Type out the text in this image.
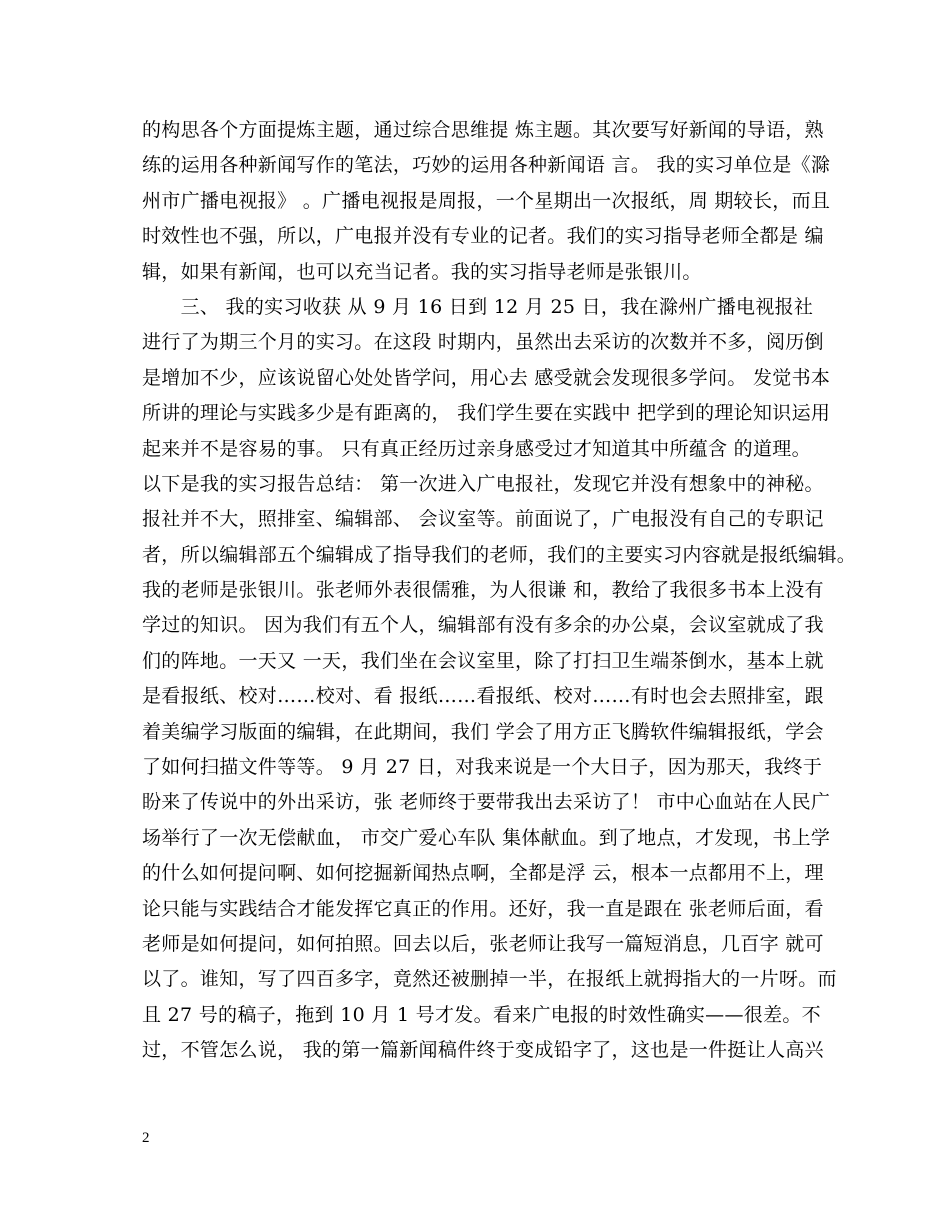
的构思各个方面提炼主题，通过综合思维提 炼主题。其次要写好新闻的导语，熟
练的运用各种新闻写作的笔法，巧妙的运用各种新闻语 言。 我的实习单位是《滁
州市广播电视报》 。广播电视报是周报，一个星期出一次报纸，周 期较长，而且
时效性也不强，所以，广电报并没有专业的记者。我们的实习指导老师全都是 编
辑，如果有新闻，也可以充当记者。我的实习指导老师是张银川。
　　三、 我的实习收获 从 9 月 16 日到 12 月 25 日，我在滁州广播电视报社
进行了为期三个月的实习。在这段 时期内，虽然出去采访的次数并不多，阅历倒
是增加不少，应该说留心处处皆学问，用心去 感受就会发现很多学问。 发觉书本
所讲的理论与实践多少是有距离的， 我们学生要在实践中 把学到的理论知识运用
起来并不是容易的事。 只有真正经历过亲身感受过才知道其中所蕴含 的道理。
以下是我的实习报告总结： 第一次进入广电报社，发现它并没有想象中的神秘。
报社并不大，照排室、编辑部、 会议室等。前面说了，广电报没有自己的专职记
者，所以编辑部五个编辑成了指导我们的老师，我们的主要实习内容就是报纸编辑。
我的老师是张银川。张老师外表很儒雅，为人很谦 和，教给了我很多书本上没有
学过的知识。 因为我们有五个人，编辑部有没有多余的办公桌，会议室就成了我
们的阵地。一天又 一天，我们坐在会议室里，除了打扫卫生端茶倒水，基本上就
是看报纸、校对……校对、看 报纸……看报纸、校对……有时也会去照排室，跟
着美编学习版面的编辑，在此期间，我们 学会了用方正飞腾软件编辑报纸，学会
了如何扫描文件等等。 9 月 27 日，对我来说是一个大日子，因为那天，我终于
盼来了传说中的外出采访，张 老师终于要带我出去采访了！ 市中心血站在人民广
场举行了一次无偿献血， 市交广爱心车队 集体献血。到了地点，才发现，书上学
的什么如何提问啊、如何挖掘新闻热点啊，全都是浮 云，根本一点都用不上，理
论只能与实践结合才能发挥它真正的作用。还好，我一直是跟在 张老师后面，看
老师是如何提问，如何拍照。回去以后，张老师让我写一篇短消息，几百字 就可
以了。谁知，写了四百多字，竟然还被删掉一半，在报纸上就拇指大的一片呀。而
且 27 号的稿子，拖到 10 月 1 号才发。看来广电报的时效性确实——很差。不
过，不管怎么说， 我的第一篇新闻稿件终于变成铅字了，这也是一件挺让人高兴
2
